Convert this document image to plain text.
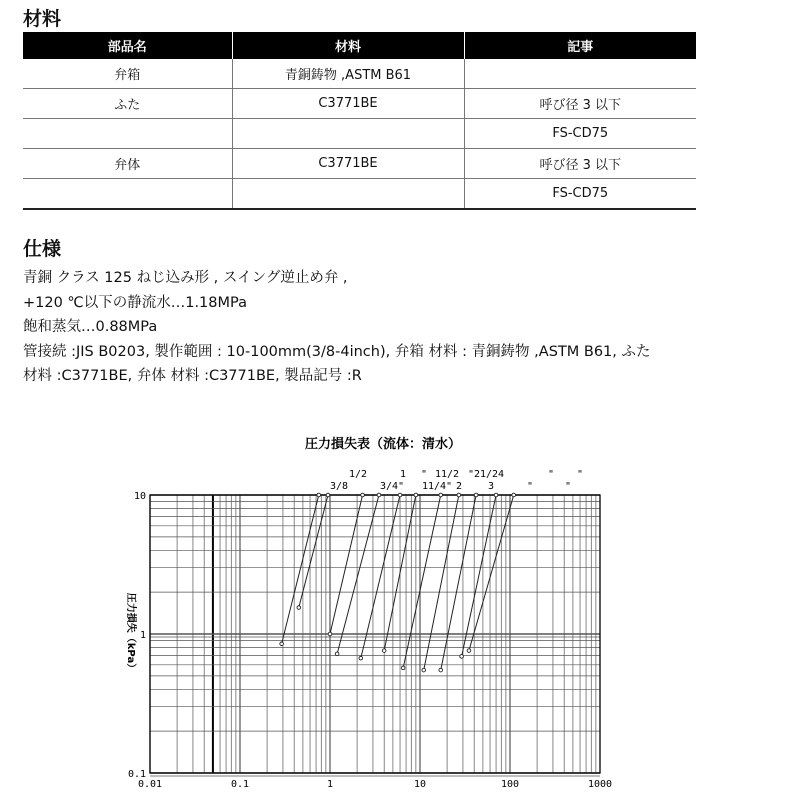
材料
部品名	材料	記事
弁箱	青銅鋳物 ,ASTM B61	
ふた	C3771BE	呼び径 3 以下
		FS-CD75
弁体	C3771BE	呼び径 3 以下
		FS-CD75
仕様
青銅 クラス 125 ねじ込み形 , スイング逆止め弁 ,
+120 ℃以下の静流水…1.18MPa
飽和蒸気…0.88MPa
管接続 :JIS B0203, 製作範囲 : 10-100mm(3/8-4inch), 弁箱 材料 : 青銅鋳物 ,ASTM B61, ふた
材料 :C3771BE, 弁体 材料 :C3771BE, 製品記号 :R
圧力損失表（流体：清水）
圧力損失（kPa）
0.01	0.1	1	10	100	1000
10
1
0.1
1/2	1 " 11/2 "21/24	" "
3/8	3/4" 11/4" 2	3	"	"
